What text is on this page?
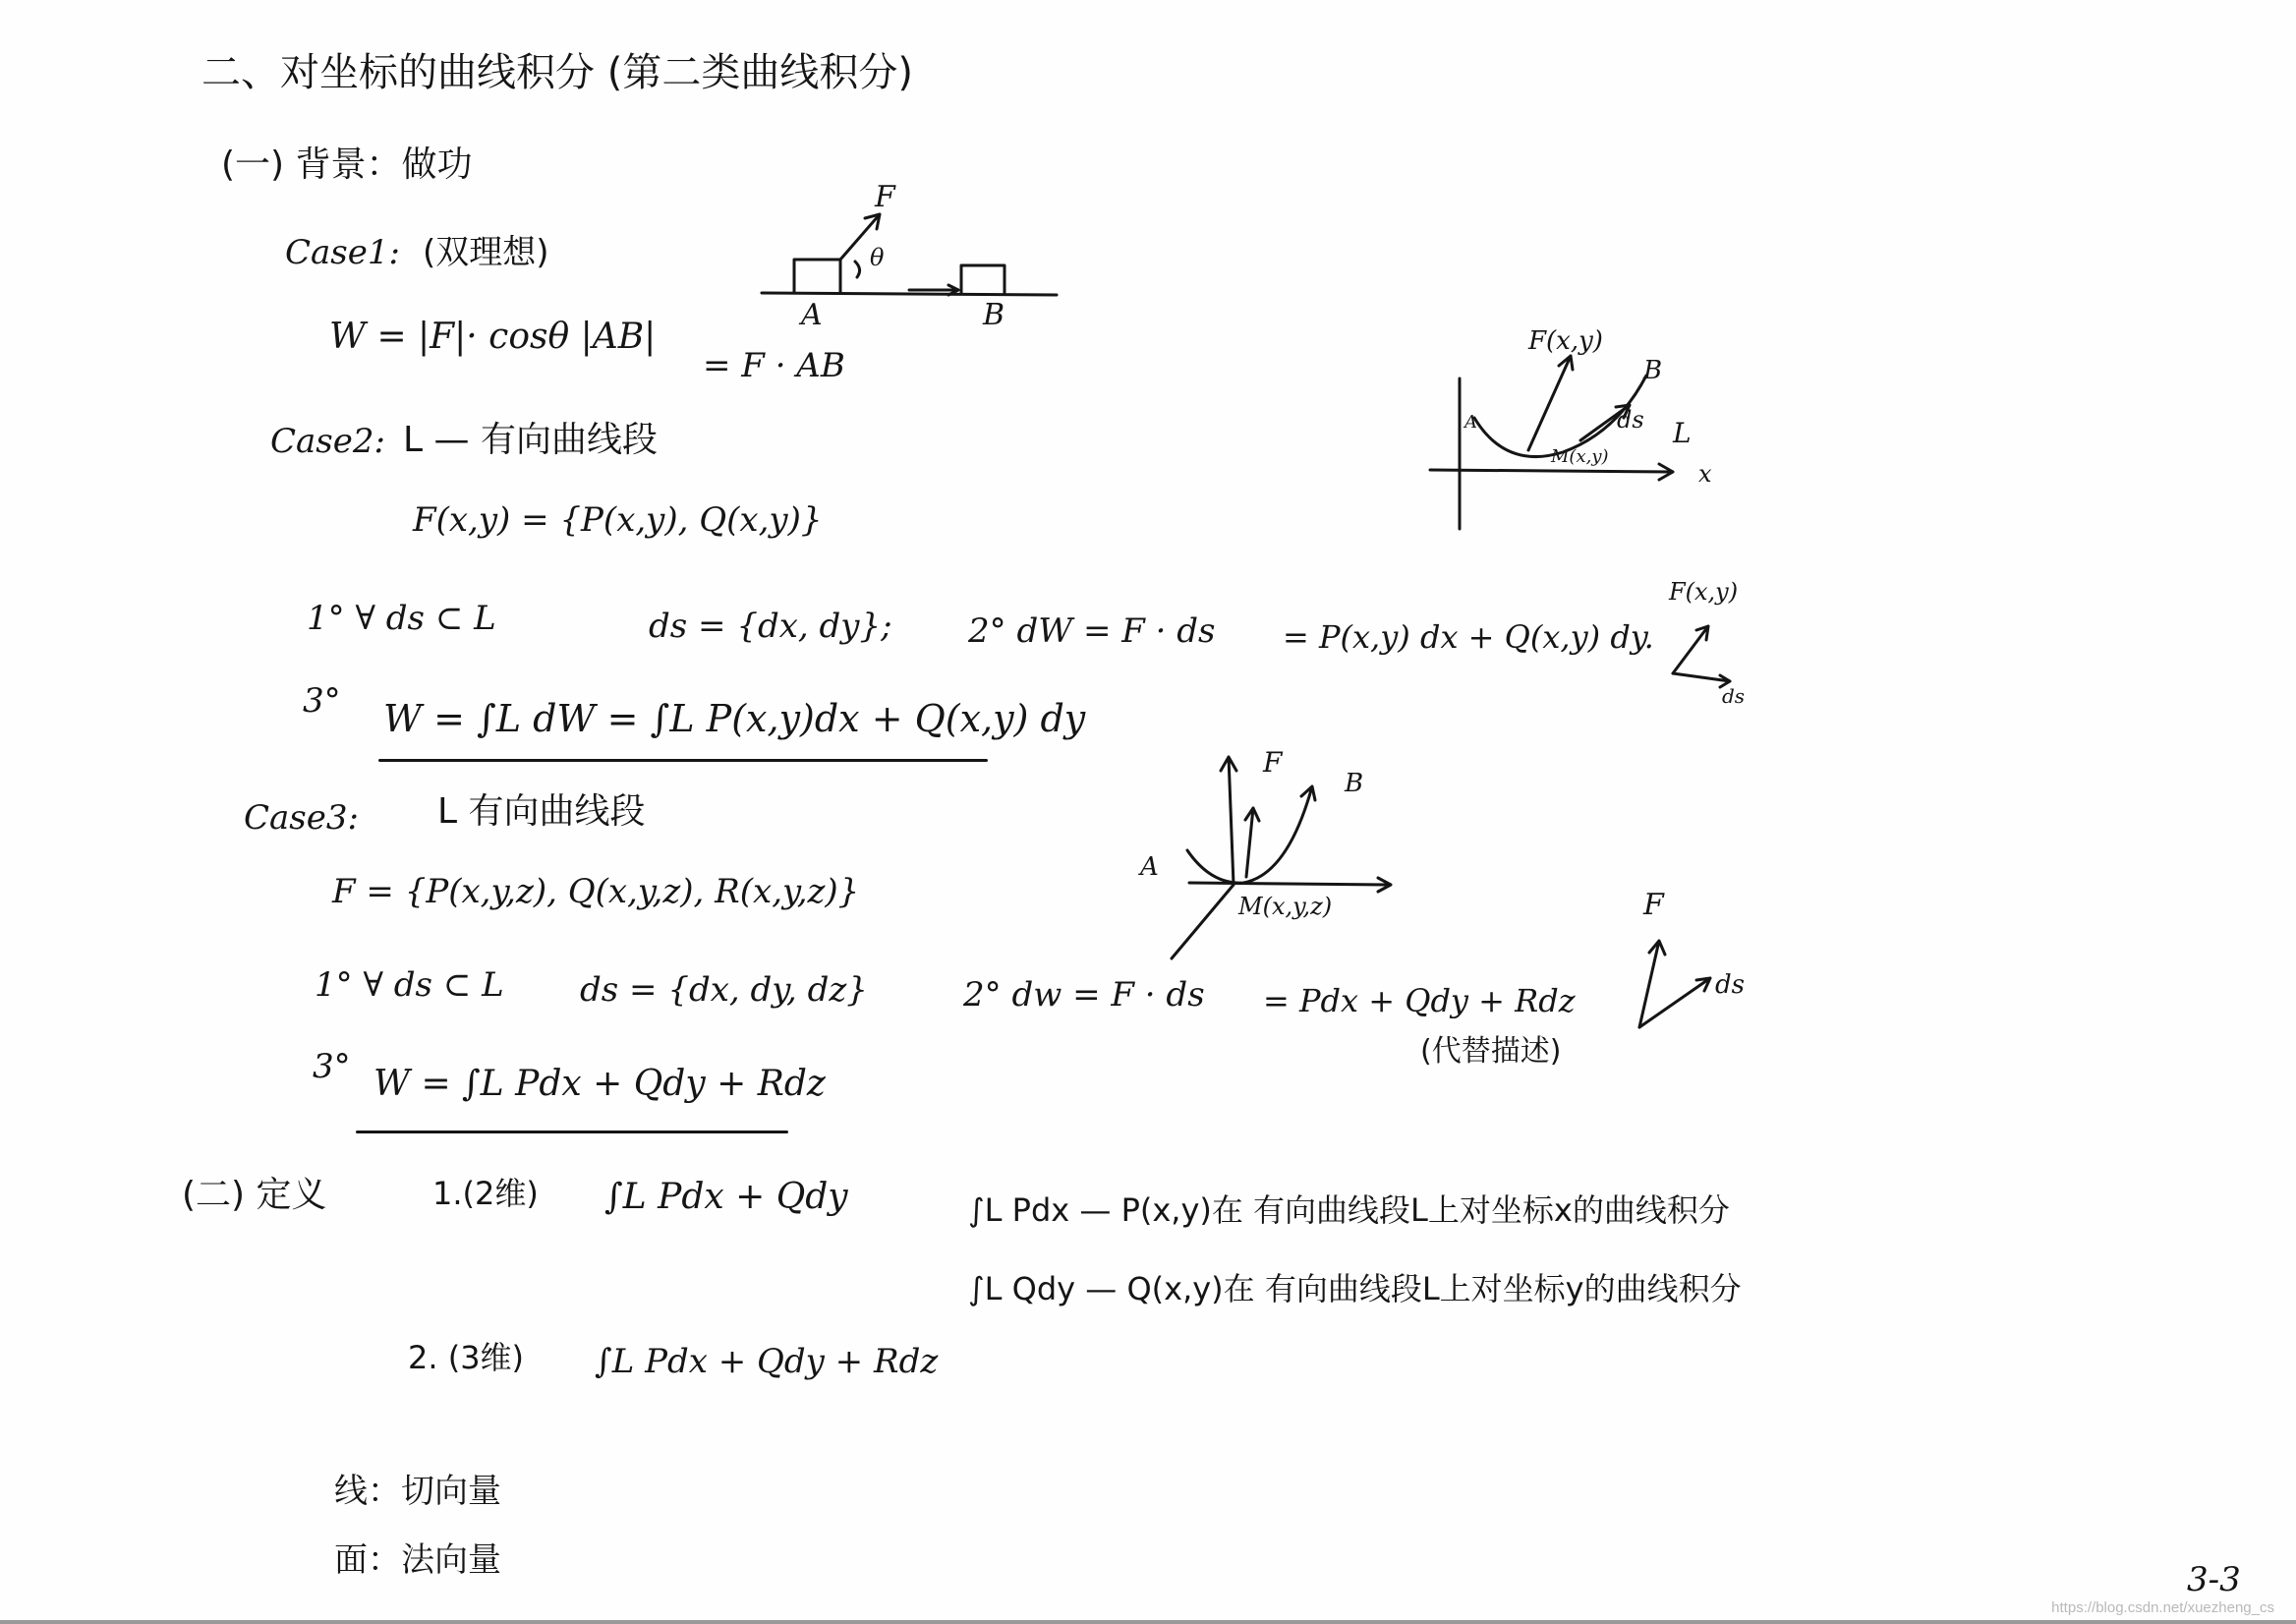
二、对坐标的曲线积分 (第二类曲线积分)
(一) 背景：做功
Case1: (双理想)
W = |F|· cosθ |AB|
= F · AB
F
θ
A	B
Case2: L — 有向曲线段
F(x,y) = {P(x,y), Q(x,y)}
F(x,y)
B
A	ds
M(x,y)
L
x
1° ∀ ds ⊂ L	ds = {dx, dy}; 2° dW = F · ds = P(x,y) dx + Q(x,y) dy.
F(x,y)
ds
3° W = ∫L dW = ∫L P(x,y)dx + Q(x,y) dy
Case3: L 有向曲线段
F = {P(x,y,z), Q(x,y,z), R(x,y,z)}
F
B
A
M(x,y,z)	F
ds
1° ∀ ds ⊂ L ds = {dx, dy, dz}	2° dw = F · ds = Pdx + Qdy + Rdz
(代替描述)
3° W = ∫L Pdx + Qdy + Rdz
(二) 定义	1.(2维) ∫L Pdx + Qdy	∫L Pdx — P(x,y)在 有向曲线段L上对坐标x的曲线积分
∫L Qdy — Q(x,y)在 有向曲线段L上对坐标y的曲线积分
2. (3维) ∫L Pdx + Qdy + Rdz
线：切向量
面：法向量	3-3
https://blog.csdn.net/xuezheng_cs
